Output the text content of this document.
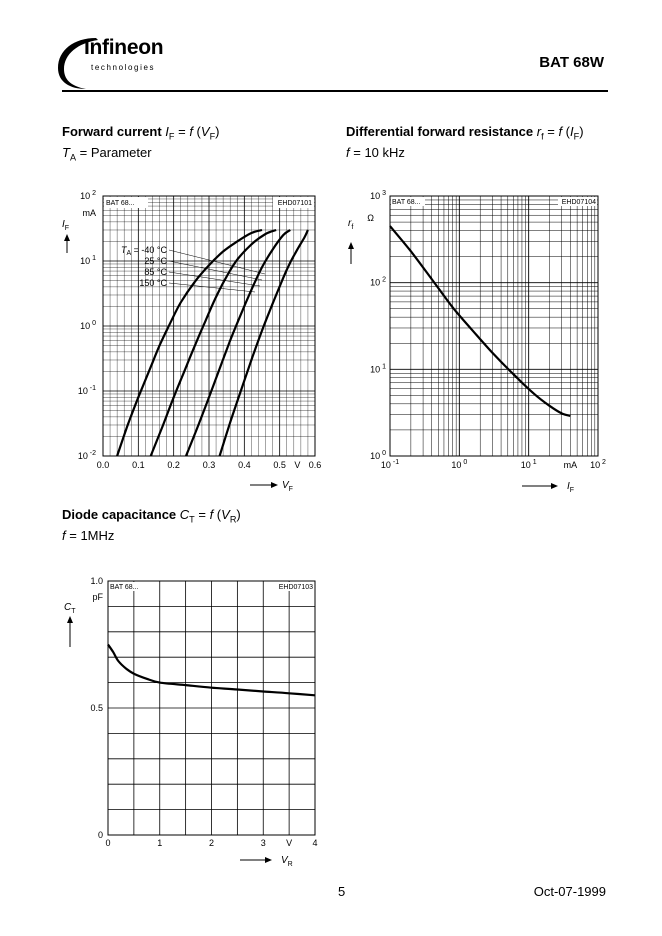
Infineon
technologies	BAT 68W
Forward current $I_F = f$ $(V_F)$
$T_A$ = Parameter
Differential forward resistance $r_f = f$ $(I_F)$
f = 10 kHz
Diode capacitance $C_T = f$ $(V_R)$
f = 1MHz
BAT 68...	EHD07101
10 $^2$
10 $^1$
10 $^0$
10 $^{-1}$
10 $^{-2}$
mA
$I_F$
0.0	0.1	0.2	0.3	0.4	0.5	0.6
V
$V_F$
$T_A = -40$ °C
25 °C
85 °C
150 °C
BAT 68...	EHD07104
10 $^3$
10 $^2$
10 $^1$
10 $^0$
Ω
$r_f$
10 $^{-1}$	10 $^0$	10 $^1$	10 $^2$
mA
$I_F$
BAT 68...	EHD07103
1.0
0.5
0
pF
$C_T$
0	1	2	3	4
V
$V_R$
5	Oct-07-1999
